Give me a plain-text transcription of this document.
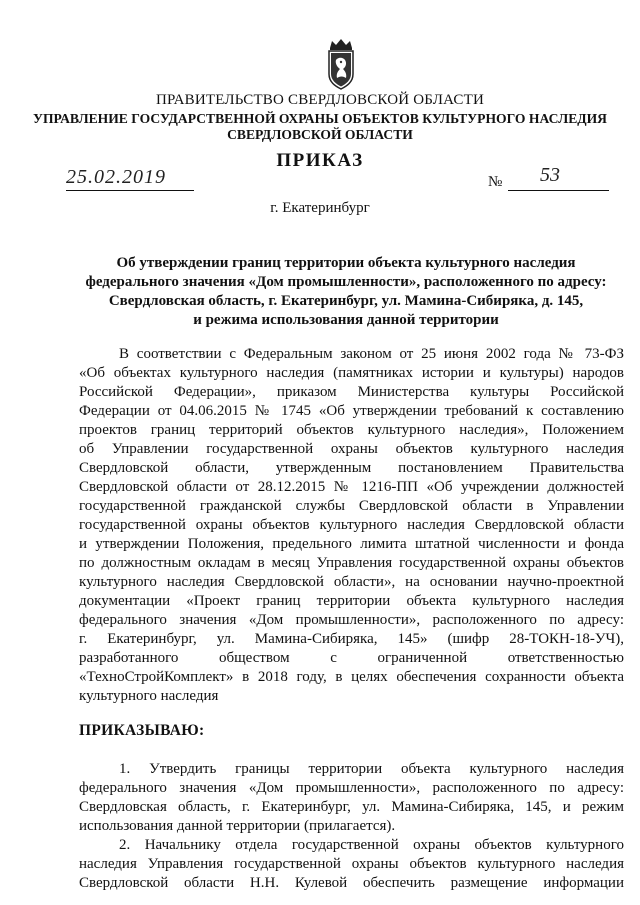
ПРАВИТЕЛЬСТВО СВЕРДЛОВСКОЙ ОБЛАСТИ
УПРАВЛЕНИЕ ГОСУДАРСТВЕННОЙ ОХРАНЫ ОБЪЕКТОВ КУЛЬТУРНОГО НАСЛЕДИЯ
СВЕРДЛОВСКОЙ ОБЛАСТИ
ПРИКАЗ
25.02.2019	№ 53
г. Екатеринбург
Об утверждении границ территории объекта культурного наследия
федерального значения «Дом промышленности», расположенного по адресу:
Свердловская область, г. Екатеринбург, ул. Мамина-Сибиряка, д. 145,
и режима использования данной территории
В соответствии с Федеральным законом от 25 июня 2002 года № 73-ФЗ
«Об объектах культурного наследия (памятниках истории и культуры) народов
Российской Федерации», приказом Министерства культуры Российской
Федерации от 04.06.2015 № 1745 «Об утверждении требований к составлению
проектов границ территорий объектов культурного наследия», Положением
об Управлении государственной охраны объектов культурного наследия
Свердловской области, утвержденным постановлением Правительства
Свердловской области от 28.12.2015 № 1216-ПП «Об учреждении должностей
государственной гражданской службы Свердловской области в Управлении
государственной охраны объектов культурного наследия Свердловской области
и утверждении Положения, предельного лимита штатной численности и фонда
по должностным окладам в месяц Управления государственной охраны объектов
культурного наследия Свердловской области», на основании научно-проектной
документации «Проект границ территории объекта культурного наследия
федерального значения «Дом промышленности», расположенного по адресу:
г. Екатеринбург, ул. Мамина-Сибиряка, 145» (шифр 28-ТОКН-18-УЧ),
разработанного обществом с ограниченной ответственностью
«ТехноСтройКомплект» в 2018 году, в целях обеспечения сохранности объекта
культурного наследия
ПРИКАЗЫВАЮ:
1. Утвердить границы территории объекта культурного наследия
федерального значения «Дом промышленности», расположенного по адресу:
Свердловская область, г. Екатеринбург, ул. Мамина-Сибиряка, 145, и режим
использования данной территории (прилагается).
2. Начальнику отдела государственной охраны объектов культурного
наследия Управления государственной охраны объектов культурного наследия
Свердловской области Н.Н. Кулевой обеспечить размещение информации
